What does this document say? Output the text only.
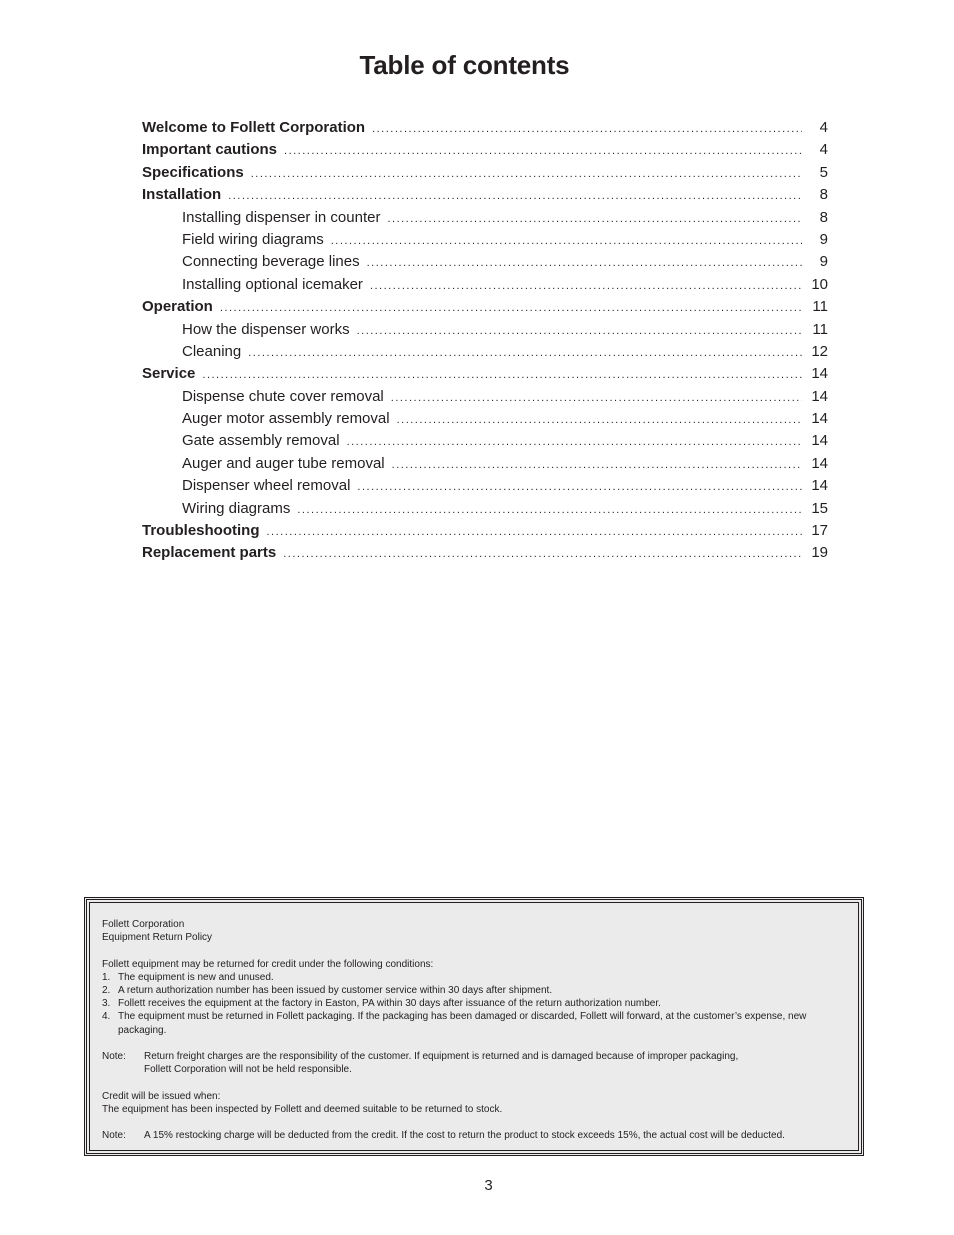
Table of contents
Welcome to Follett Corporation .....	4
Important cautions .....	4
Specifications .....	5
Installation .....	8
Installing dispenser in counter .....	8
Field wiring diagrams .....	9
Connecting beverage lines .....	9
Installing optional icemaker .....	10
Operation .....	11
How the dispenser works .....	11
Cleaning .....	12
Service .....	14
Dispense chute cover removal .....	14
Auger motor assembly removal .....	14
Gate assembly removal .....	14
Auger and auger tube removal .....	14
Dispenser wheel removal .....	14
Wiring diagrams .....	15
Troubleshooting .....	17
Replacement parts .....	19

Follett Corporation

Equipment Return Policy

Follett equipment may be returned for credit under the following conditions:

1. The equipment is new and unused.
2. A return authorization number has been issued by customer service within 30 days after shipment.
3. Follett receives the equipment at the factory in Easton, PA within 30 days after issuance of the return authorization number.
4. The equipment must be returned in Follett packaging. If the packaging has been damaged or discarded, Follett will forward, at the customer’s expense, new packaging.
Note:	Return freight charges are the responsibility of the customer. If equipment is returned and is damaged because of improper packaging,
Follett Corporation will not be held responsible.

Credit will be issued when:

The equipment has been inspected by Follett and deemed suitable to be returned to stock.

Note:	A 15% restocking charge will be deducted from the credit. If the cost to return the product to stock exceeds 15%, the actual cost will be deducted.
3
